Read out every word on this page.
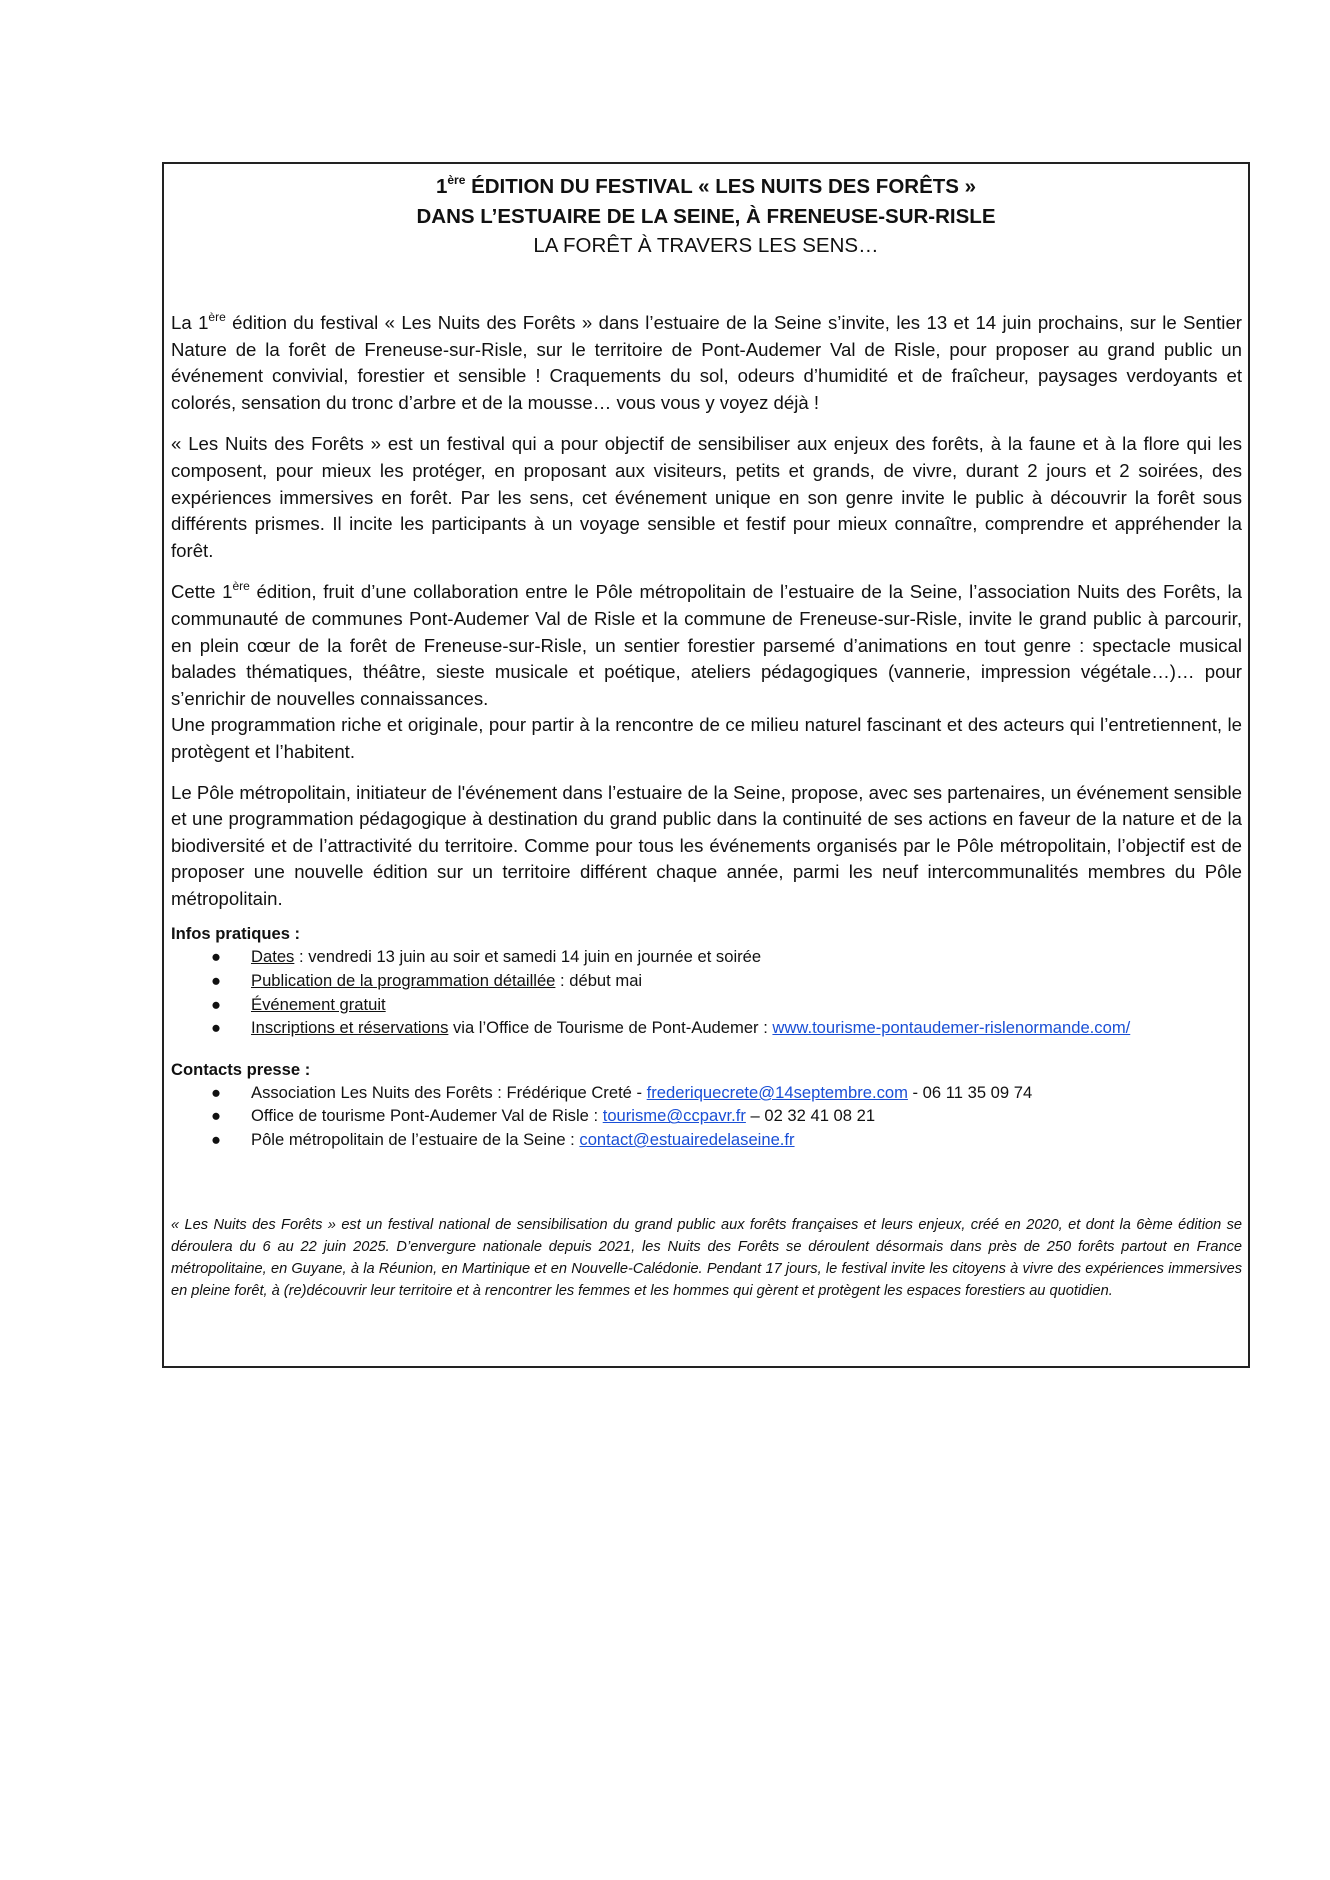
1ère ÉDITION DU FESTIVAL « LES NUITS DES FORÊTS »
DANS L’ESTUAIRE DE LA SEINE, À FRENEUSE-SUR-RISLE
LA FORÊT À TRAVERS LES SENS…

La 1ère édition du festival « Les Nuits des Forêts » dans l’estuaire de la Seine s’invite, les 13 et 14 juin prochains, sur le Sentier Nature de la forêt de Freneuse-sur-Risle, sur le territoire de Pont-Audemer Val de Risle, pour proposer au grand public un événement convivial, forestier et sensible ! Craquements du sol, odeurs d’humidité et de fraîcheur, paysages verdoyants et colorés, sensation du tronc d’arbre et de la mousse… vous vous y voyez déjà !

« Les Nuits des Forêts » est un festival qui a pour objectif de sensibiliser aux enjeux des forêts, à la faune et à la flore qui les composent, pour mieux les protéger, en proposant aux visiteurs, petits et grands, de vivre, durant 2 jours et 2 soirées, des expériences immersives en forêt. Par les sens, cet événement unique en son genre invite le public à découvrir la forêt sous différents prismes. Il incite les participants à un voyage sensible et festif pour mieux connaître, comprendre et appréhender la forêt.

Cette 1ère édition, fruit d’une collaboration entre le Pôle métropolitain de l’estuaire de la Seine, l’association Nuits des Forêts, la communauté de communes Pont-Audemer Val de Risle et la commune de Freneuse-sur-Risle, invite le grand public à parcourir, en plein cœur de la forêt de Freneuse-sur-Risle, un sentier forestier parsemé d’animations en tout genre : spectacle musical balades thématiques, théâtre, sieste musicale et poétique, ateliers pédagogiques (vannerie, impression végétale…)… pour s’enrichir de nouvelles connaissances.

Une programmation riche et originale, pour partir à la rencontre de ce milieu naturel fascinant et des acteurs qui l’entretiennent, le protègent et l’habitent.

Le Pôle métropolitain, initiateur de l'événement dans l’estuaire de la Seine, propose, avec ses partenaires, un événement sensible et une programmation pédagogique à destination du grand public dans la continuité de ses actions en faveur de la nature et de la biodiversité et de l’attractivité du territoire. Comme pour tous les événements organisés par le Pôle métropolitain, l’objectif est de proposer une nouvelle édition sur un territoire différent chaque année, parmi les neuf intercommunalités membres du Pôle métropolitain.

Infos pratiques :

● Dates : vendredi 13 juin au soir et samedi 14 juin en journée et soirée
● Publication de la programmation détaillée : début mai
● Événement gratuit
● Inscriptions et réservations via l’Office de Tourisme de Pont-Audemer : www.tourisme-pontaudemer-rislenormande.com/

Contacts presse :

● Association Les Nuits des Forêts : Frédérique Creté - frederiquecrete@14septembre.com - 06 11 35 09 74
● Office de tourisme Pont-Audemer Val de Risle : tourisme@ccpavr.fr – 02 32 41 08 21
● Pôle métropolitain de l’estuaire de la Seine : contact@estuairedelaseine.fr

« Les Nuits des Forêts » est un festival national de sensibilisation du grand public aux forêts françaises et leurs enjeux, créé en 2020, et dont la 6ème édition se déroulera du 6 au 22 juin 2025. D’envergure nationale depuis 2021, les Nuits des Forêts se déroulent désormais dans près de 250 forêts partout en France métropolitaine, en Guyane, à la Réunion, en Martinique et en Nouvelle-Calédonie. Pendant 17 jours, le festival invite les citoyens à vivre des expériences immersives en pleine forêt, à (re)découvrir leur territoire et à rencontrer les femmes et les hommes qui gèrent et protègent les espaces forestiers au quotidien.
